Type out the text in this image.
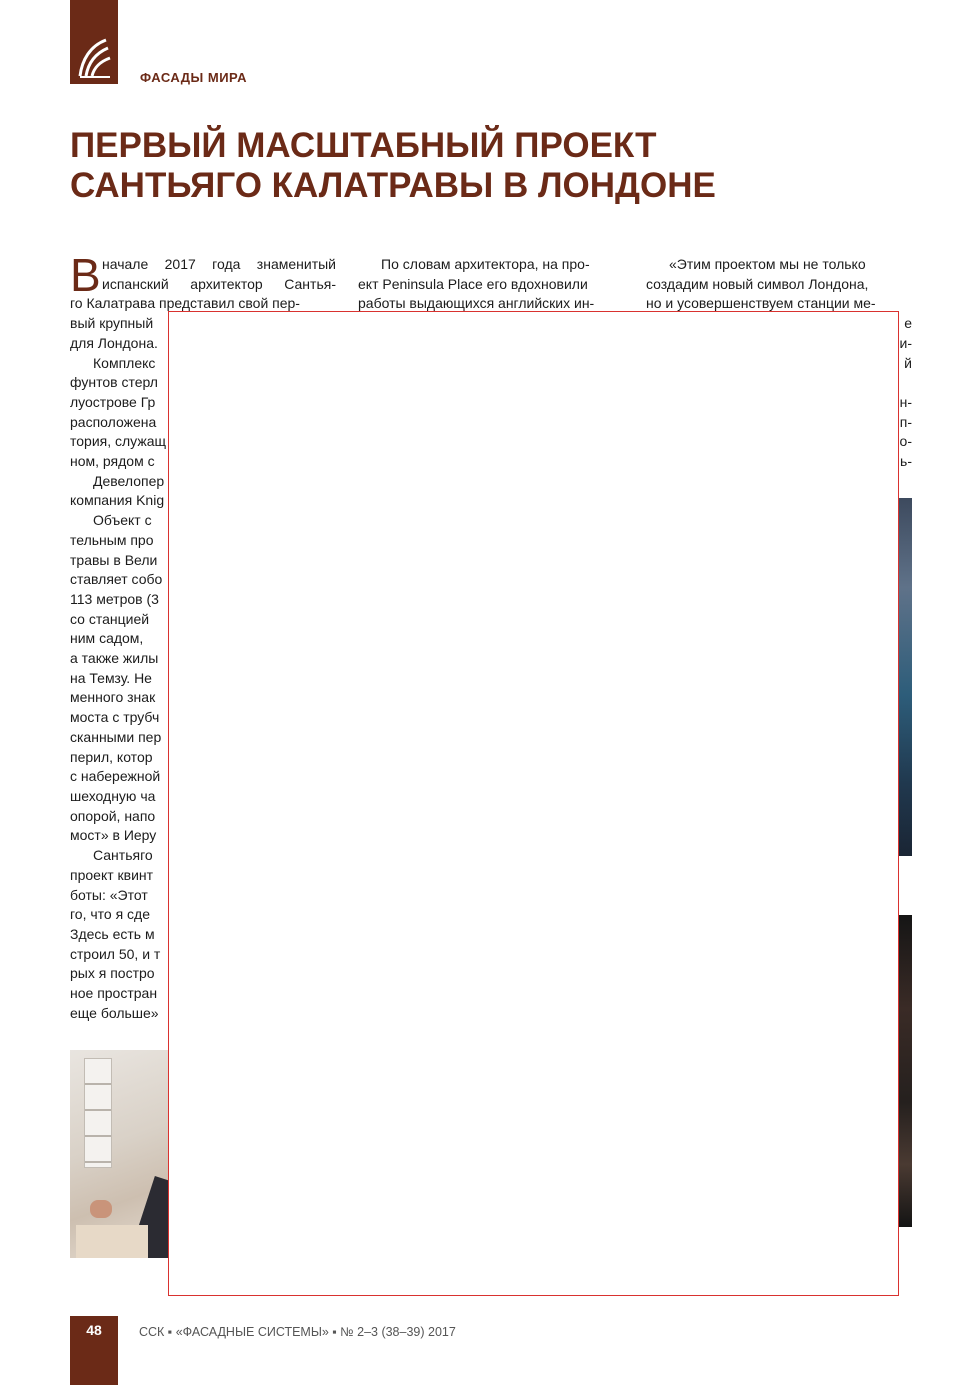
ФАСАДЫ МИРА
ПЕРВЫЙ МАСШТАБНЫЙ ПРОЕКТ
САНТЬЯГО КАЛАТРАВЫ В ЛОНДОНЕ
В начале 2017 года знаменитый
испанский архитектор Сантья-
го Калатрава представил свой пер-
вый крупный
для Лондона.
Комплекс
фунтов стерл
луострове Гр
расположена
тория, служащ
ном, рядом с
Девелопер
компания Knig
Объект с
тельным про
травы в Вели
ставляет собо
113 метров (3
со станцией
ним садом,
а также жилы
на Темзу. Не
менного знак
моста с трубч
сканными пер
перил, котор
с набережной
шеходную ча
опорой, напо
мост» в Иеру
Сантьяго
проект квинт
боты: «Этот
го, что я сде
Здесь есть м
строил 50, и т
рых я постро
ное простран
еще больше»
По словам архитектора, на про-
ект Peninsula Place его вдохновили
работы выдающихся английских ин-
«Этим проектом мы не только
создадим новый символ Лондона,
но и усовершенствуем станции ме-
е
и-
й
н-
п-
о-
ь-
48	ССК ▪ «ФАСАДНЫЕ СИСТЕМЫ» ▪ № 2–3 (38–39) 2017
